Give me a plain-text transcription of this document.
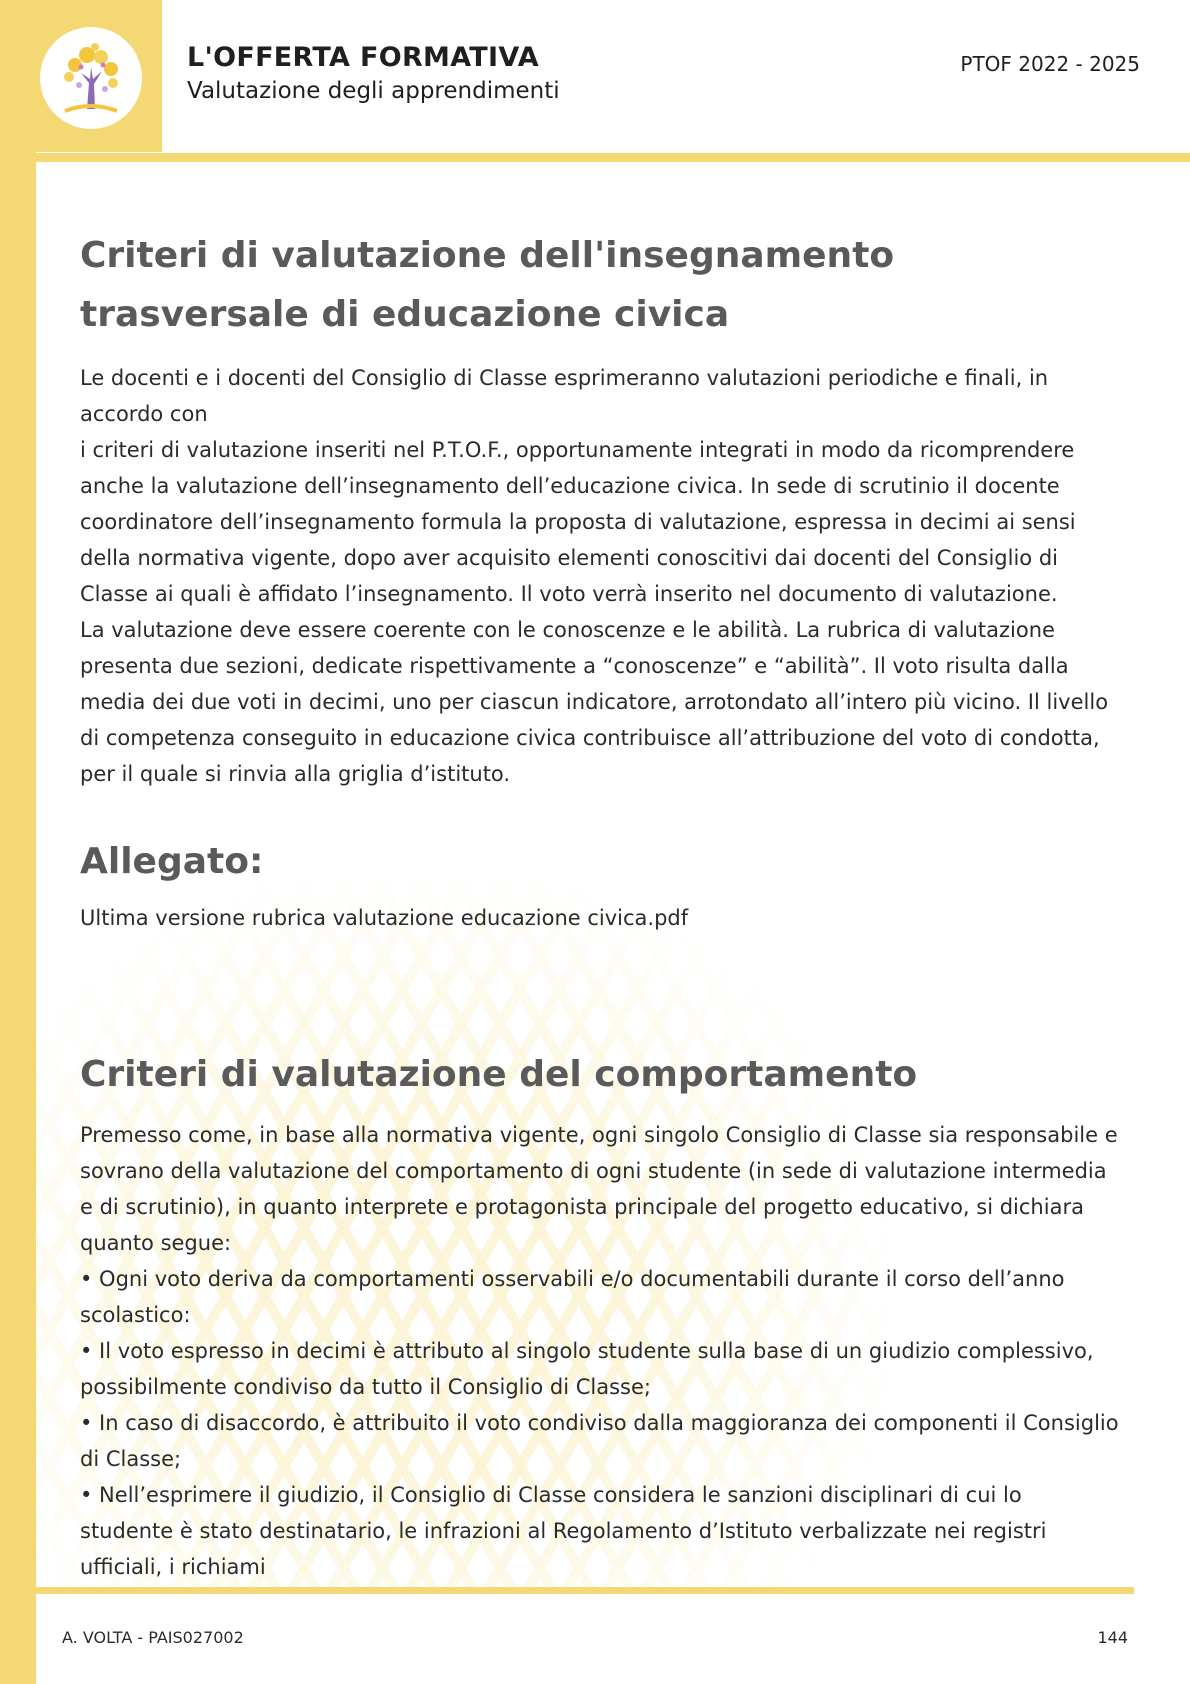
L'OFFERTA FORMATIVA

Valutazione degli apprendimenti

PTOF 2022 - 2025

Criteri di valutazione dell'insegnamento trasversale di educazione civica

Le docenti e i docenti del Consiglio di Classe esprimeranno valutazioni periodiche e finali, in accordo con

i criteri di valutazione inseriti nel P.T.O.F., opportunamente integrati in modo da ricomprendere anche la valutazione dell’insegnamento dell’educazione civica. In sede di scrutinio il docente coordinatore dell’insegnamento formula la proposta di valutazione, espressa in decimi ai sensi della normativa vigente, dopo aver acquisito elementi conoscitivi dai docenti del Consiglio di Classe ai quali è affidato l’insegnamento. Il voto verrà inserito nel documento di valutazione.

La valutazione deve essere coerente con le conoscenze e le abilità. La rubrica di valutazione presenta due sezioni, dedicate rispettivamente a “conoscenze” e “abilità”. Il voto risulta dalla media dei due voti in decimi, uno per ciascun indicatore, arrotondato all’intero più vicino. Il livello di competenza conseguito in educazione civica contribuisce all’attribuzione del voto di condotta, per il quale si rinvia alla griglia d’istituto.

Allegato:

Ultima versione rubrica valutazione educazione civica.pdf

Criteri di valutazione del comportamento

Premesso come, in base alla normativa vigente, ogni singolo Consiglio di Classe sia responsabile e sovrano della valutazione del comportamento di ogni studente (in sede di valutazione intermedia e di scrutinio), in quanto interprete e protagonista principale del progetto educativo, si dichiara quanto segue:

• Ogni voto deriva da comportamenti osservabili e/o documentabili durante il corso dell’anno scolastico:

• Il voto espresso in decimi è attributo al singolo studente sulla base di un giudizio complessivo, possibilmente condiviso da tutto il Consiglio di Classe;

• In caso di disaccordo, è attribuito il voto condiviso dalla maggioranza dei componenti il Consiglio di Classe;

• Nell’esprimere il giudizio, il Consiglio di Classe considera le sanzioni disciplinari di cui lo studente è stato destinatario, le infrazioni al Regolamento d’Istituto verbalizzate nei registri ufficiali, i richiami

A. VOLTA - PAIS027002	144
